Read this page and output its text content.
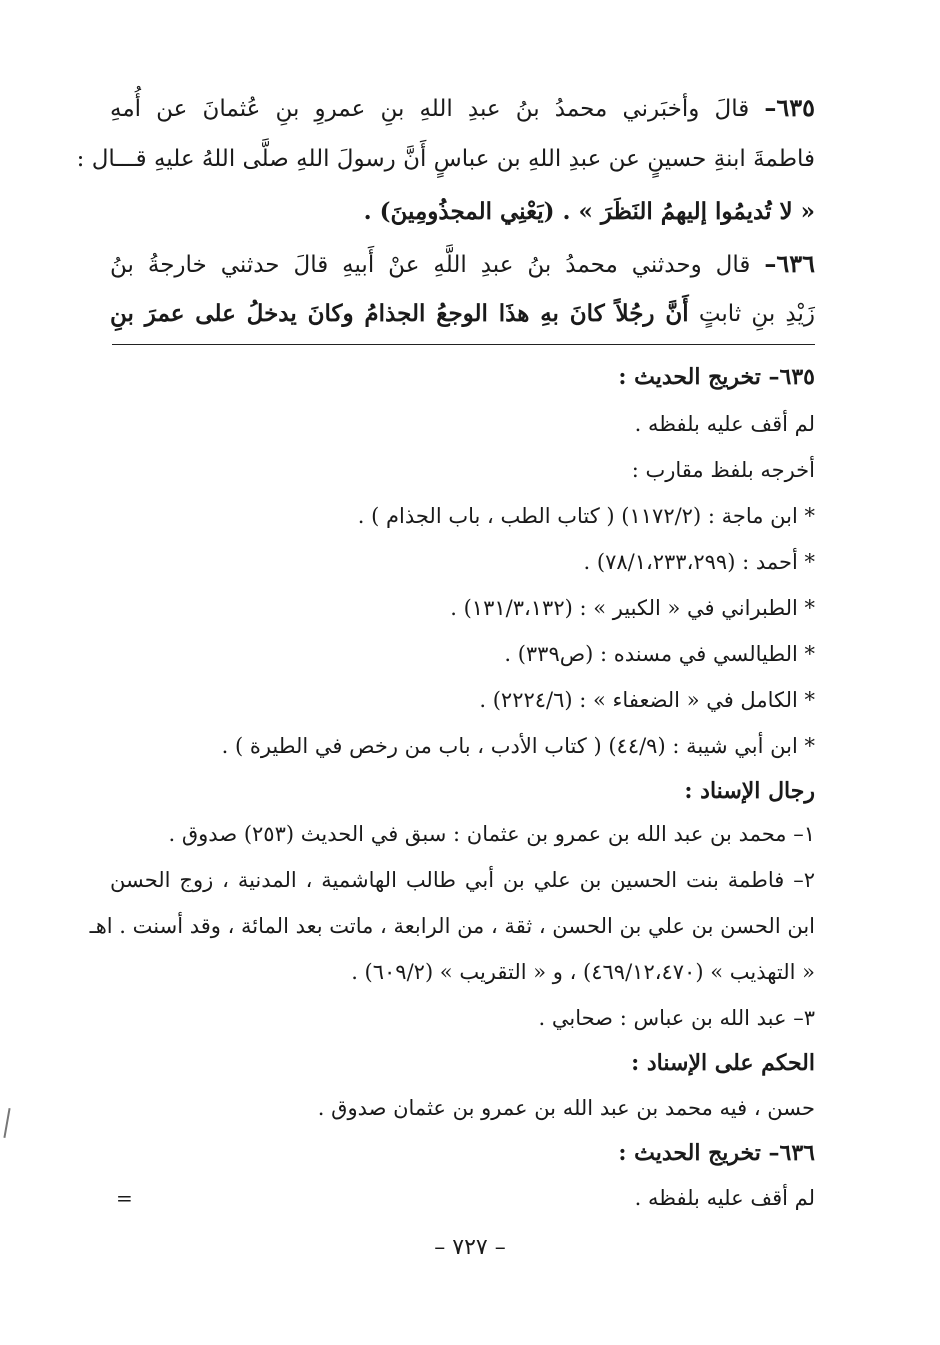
٦٣٥– قالَ وأخبَرني محمدُ بنُ عبدِ اللهِ بنِ عمروِ بنِ عُثمانَ عن أُمهِ
فاطمةَ ابنةِ حسينٍ عن عبدِ اللهِ بن عباسٍ أَنَّ رسولَ اللهِ صلَّى اللهُ عليهِ قـــال :
« لا تُديمُوا إليهمُ النَظَرَ » . (يَعْنِي المجذُومِينَ) .
٦٣٦– قال وحدثني محمدُ بنُ عبدِ اللَّهِ عنْ أَبيهِ قالَ حدثني خارجةُ بنُ
زَيْدِ بنِ ثابتٍ أَنَّ رجُلاً كانَ بهِ هذَا الوجعُ الجذامُ وكانَ يدخلُ على عمرَ بنِ
٦٣٥– تخريج الحديث :
لم أقف عليه بلفظه .
أخرجه بلفظ مقارب :
* ابن ماجة : (١١٧٢/٢) ( كتاب الطب ، باب الجذام ) .
* أحمد : (٧٨/١،٢٣٣،٢٩٩) .
* الطبراني في « الكبير » : (١٣١/٣،١٣٢) .
* الطيالسي في مسنده : (ص٣٣٩) .
* الكامل في « الضعفاء » : (٢٢٢٤/٦) .
* ابن أبي شيبة : (٤٤/٩) ( كتاب الأدب ، باب من رخص في الطيرة ) .
رجال الإسناد :
١– محمد بن عبد الله بن عمرو بن عثمان : سبق في الحديث (٢٥٣) صدوق .
٢– فاطمة بنت الحسين بن علي بن أبي طالب الهاشمية ، المدنية ، زوج الحسن
ابن الحسن بن علي بن الحسن ، ثقة ، من الرابعة ، ماتت بعد المائة ، وقد أسنت . اهـ
« التهذيب » (٤٦٩/١٢،٤٧٠) ، و « التقريب » (٦٠٩/٢) .
٣– عبد الله بن عباس : صحابي .
الحكم على الإسناد :
حسن ، فيه محمد بن عبد الله بن عمرو بن عثمان صدوق .
٦٣٦– تخريج الحديث :
لم أقف عليه بلفظه .
=
– ٧٢٧ –
